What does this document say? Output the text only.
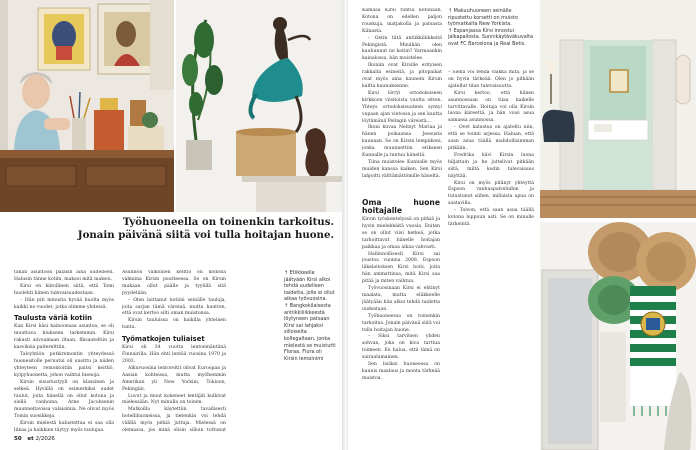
Työhuoneella on toinenkin tarkoitus.
Jonain päivänä siitä voi tulla hoitajan huone.

tähän asuntoon palasin aina uudelleen. Halusin tänne kotiin, maksoi mitä maksoi.

Kirsi on kiitollinen siitä, että Tomi huolehti hänen tulevaisuudestaan.

– Hän piti minusta hyvää huolta myös kaikki ne vuodet, jotka olimme yhdessä.

Taulusta väriä kotiin

Kun Kirsi käsi kainoonsaa asuntoa, se oli muuttava hiukseen tarkemmin. Kirsi rakasti siivoamaan iltaan, fiksauteltiin ja kasviksia paiterelttiin.

Taloyhtiön putkiremontin yhteydessä huoneistolle peruutui oli uusittu ja niiden yhteyteen remontoitiin paitsi keittiö, kylpyhuonetta, johon vaihtui hienoja.

Kirsin sisustustyyli on klassinen ja selkeä. Hyvällä on esimerkiksi uudet taulut, joita hänellä on ollut kotona ja siellä vanhoina. Arne Jacobsenin muunneltavissa valaisimia. Ne olivat myös Tomin suosikkeja.

Kirsin mielestä kalustettua ei saa olla liikaa ja kaikkien täytyy myös taulujaa.

Asunnon valkoinen keittiö on kodissa valmiina Kirsin puutteessa. Se on Kirsin mukaan ollut päälle ja tyylillä sitä pyydetään.

– Olen laittanut kotiini seinälle tauluja, joita sarjan tämä väreinä, mutta hautten, että ovat kertoo silti oman muistonsa.

Kirsin tauluissa on kaikilla yhteinen tuntu.

Työmatkojen tuliaiset

Kirsi oli 34 vuotta lentoemäntänä Finnairilla. Hän ehti lentää vuosina 1970 ja 2003.

Alkuvuosina lentoreitit olivat Euroopan ja Aasian kohteissa, mutta myöhemmin Amerikan yli New Yorkiin, Tokioon, Pekingiin.

Luvut ja muut kokeneet lentäjät kulkivat mielessään. Nyt minulla on toinen.

Matkoilla käytettiin tavallisesti hotellihuoneissa, ja tietenkin voi tehdä välillä myös pitkiä juttuja. Mielessä on olemassa, jos minä olisin silloin tottunut

↑ Etiikkeelle jäätyään Kirsi alkoi tehdä uudelleen taidetta, jolle ei ollut aikaa työvuosina.
↑ Bangkokilaisesta antiikkiliikkeestä löytyneen patsaan Kirsi sai lahjaksi silloiselta kollegaltaan, jonka mielestä se muistutti Floraa. Flora oli Kirsin lempinimi
50 et 2/2026

Kämasa Kirsi tuntui kotonaan. Kotona on edellen paljon rouskuja, matjakolla ja patsasta Kiinasta.

– Ostin tätä antiikkiliikkeitä Pekingistä. Minähän olen kauhunnut ne kotiin? Varmaankin kainalossa, hän muistelee.

Ikoniin ovat Kirsille erityisen rakkaita esineitä, ja pitopaikat ovat myös aina kaunein Kirsin kaltta kaunuksenne.

Kirsi lörryi ortodoksiseen kirkkoon viisitoista vuotta sitten. Yhteys ortodoksisuuteen syntyi vapaan ajan vietossa ja sen kautta löytämänä Pelingin väreistä...

Ikoni kuvaa Neitsyt Mariaa ja hänen poikaansa Jeesusta kaunaan. Se on Kirsin lempiikoni, jonka muunnettiin erikseen Kunnalle ja tuntuu häneltä.

Tiina muistelee Kunnalle myös muiden kanssa kaiken. Sen Kirsi lahjoitti välttämättömille häneltä.

Oma huone hoitajalle

Kirsin työskentelyssä on pitkiä ja hyvin mielekkäitä vuosia. Eniten se on ollut viisi hetkeä, jotka tarkoittavat hänelle hoitajan paikkaa ja omaa aikaa vahvasti.

Hallinnollisesti Kirsi sai joustoa vuonna 2008. Espoon liikelaitoksen Kirsi hoiti, joita hän ammattinsa, mitä Kirsi saa pitää ja miten vaihtuu.

Työvuosinaan Kirsi ei ehtinyt maalata, mutta eläkkeelle jäätyään hän alkoi tehdä taidetta uudestaan.

Työhuoneessa on toinenkin tarkoitus. Jonain päivänä siitä voi tulla hoitajan huone.

– Siksi tarvitsen yhden sohvan, joka on kiva tarttua toimeen. En halua, että tämä on sairaalamainen.

Sen lisäksi huoneessa on kaunis maalaus ja monta tärkeää muistoa.

↑ Makuuhuoneen seinälle ripustettu korsetti on muisto työmatkalta New Yorkista.
↑ Espanjassa Kirsi innostui jalkapallosta. Sunnikäytäväkuvalta ovat FC Barcelona ja Real Betis.

– Siellä voi tehdä vaikka mitä, ja se on hyvin tärkeää. Olen jo pitkään ajatellut tilan tulevaisuutta.

Kirsi kertoo, että hänen asunnossaan on tilaa kaikelle tarvittavalle. Hoitaja voi olla Kirsin luona kiireettä, ja hän voisi asua samassa asunnossa.

– Ovet kalustus on ajateltu niin, että se toimii arjessa. Haluan, että saan asua täällä mahdollisimman pitkään.

Fredrika kävi Kirsin luona hiljattain ja he juttelivat pitkään siitä, miltä kodin tulevaisuus näyttää.

Kirsi on myös pitänyt yhteyttä Espoon vanhuspalveluihin ja tutustunut siihen, millaista apua on saatavilla.

– Toivon, että saan asua täällä kotona loppuun asti. Se on minulle tärkeintä.
